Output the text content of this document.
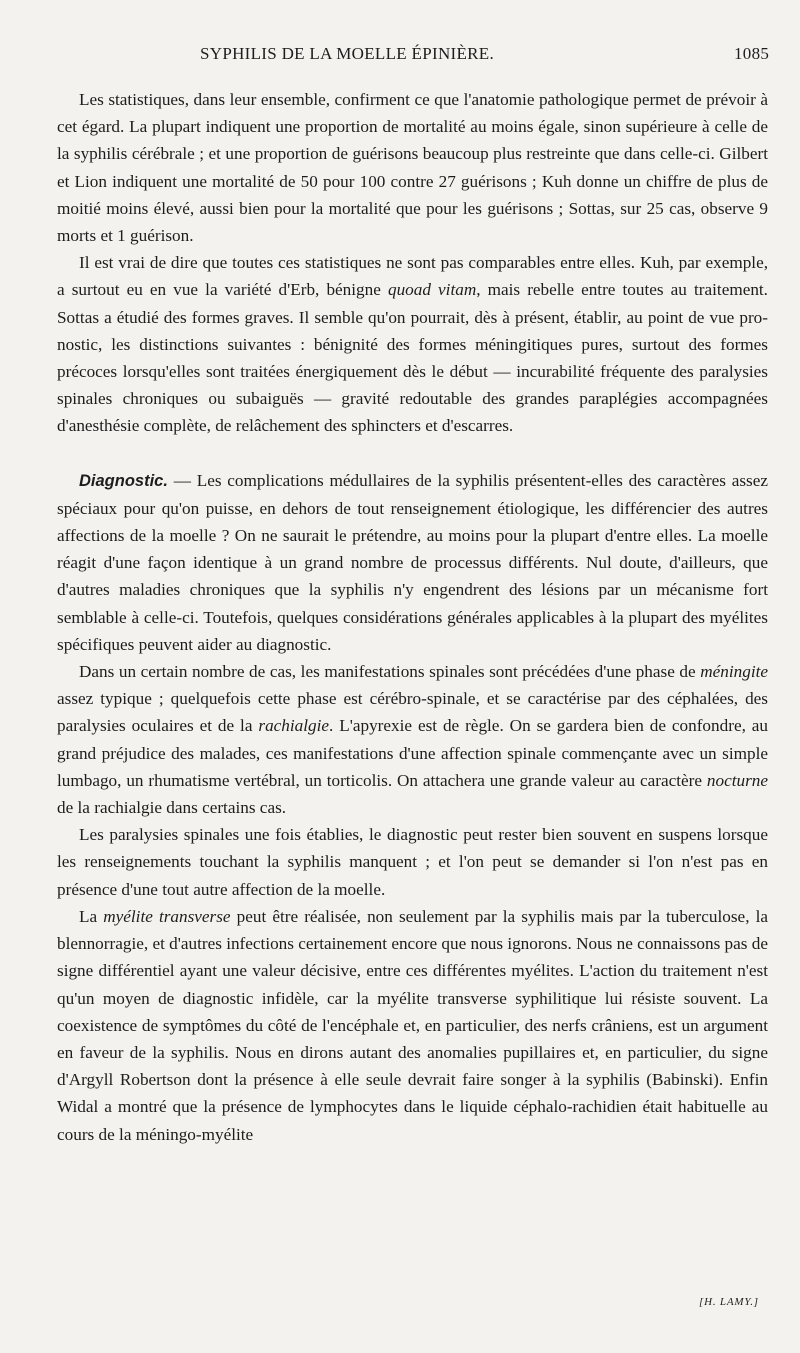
SYPHILIS DE LA MOELLE ÉPINIÈRE.	1085

Les statistiques, dans leur ensemble, confirment ce que l'anatomie pathologique permet de prévoir à cet égard. La plupart indiquent une proportion de mortalité au moins égale, sinon supérieure à celle de la syphilis cérébrale ; et une proportion de guérisons beaucoup plus restreinte que dans celle-ci. Gilbert et Lion indiquent une mortalité de 50 pour 100 contre 27 guérisons ; Kuh donne un chiffre de plus de moitié moins élevé, aussi bien pour la mortalité que pour les guérisons ; Sottas, sur 25 cas, observe 9 morts et 1 guérison.

Il est vrai de dire que toutes ces statistiques ne sont pas comparables entre elles. Kuh, par exemple, a surtout eu en vue la variété d'Erb, bénigne quoad vitam, mais rebelle entre toutes au traitement. Sottas a étudié des formes graves. Il semble qu'on pourrait, dès à présent, établir, au point de vue pronostic, les distinctions suivantes : bénignité des formes méningitiques pures, surtout des formes précoces lorsqu'elles sont traitées énergiquement dès le début — incurabilité fréquente des paralysies spinales chroniques ou subaiguës — gravité redoutable des grandes paraplégies accompagnées d'anesthésie complète, de relâchement des sphincters et d'escarres.

Diagnostic. — Les complications médullaires de la syphilis présentent-elles des caractères assez spéciaux pour qu'on puisse, en dehors de tout renseignement étiologique, les différencier des autres affections de la moelle ? On ne saurait le prétendre, au moins pour la plupart d'entre elles. La moelle réagit d'une façon identique à un grand nombre de processus différents. Nul doute, d'ailleurs, que d'autres maladies chroniques que la syphilis n'y engendrent des lésions par un mécanisme fort semblable à celle-ci. Toutefois, quelques considérations générales applicables à la plupart des myélites spécifiques peuvent aider au diagnostic.

Dans un certain nombre de cas, les manifestations spinales sont précédées d'une phase de méningite assez typique ; quelquefois cette phase est cérébro-spinale, et se caractérise par des céphalées, des paralysies oculaires et de la rachialgie. L'apyrexie est de règle. On se gardera bien de confondre, au grand préjudice des malades, ces manifestations d'une affection spinale commençante avec un simple lumbago, un rhumatisme vertébral, un torticolis. On attachera une grande valeur au caractère nocturne de la rachialgie dans certains cas.

Les paralysies spinales une fois établies, le diagnostic peut rester bien souvent en suspens lorsque les renseignements touchant la syphilis manquent ; et l'on peut se demander si l'on n'est pas en présence d'une tout autre affection de la moelle.

La myélite transverse peut être réalisée, non seulement par la syphilis mais par la tuberculose, la blennorragie, et d'autres infections certainement encore que nous ignorons. Nous ne connaissons pas de signe différentiel ayant une valeur décisive, entre ces différentes myélites. L'action du traitement n'est qu'un moyen de diagnostic infidèle, car la myélite transverse syphilitique lui résiste souvent. La coexistence de symptômes du côté de l'encéphale et, en particulier, des nerfs crâniens, est un argument en faveur de la syphilis. Nous en dirons autant des anomalies pupillaires et, en particulier, du signe d'Argyll Robertson dont la présence à elle seule devrait faire songer à la syphilis (Babinski). Enfin Widal a montré que la présence de lymphocytes dans le liquide céphalo-rachidien était habituelle au cours de la méningo-myélite

[H. LAMY.]
